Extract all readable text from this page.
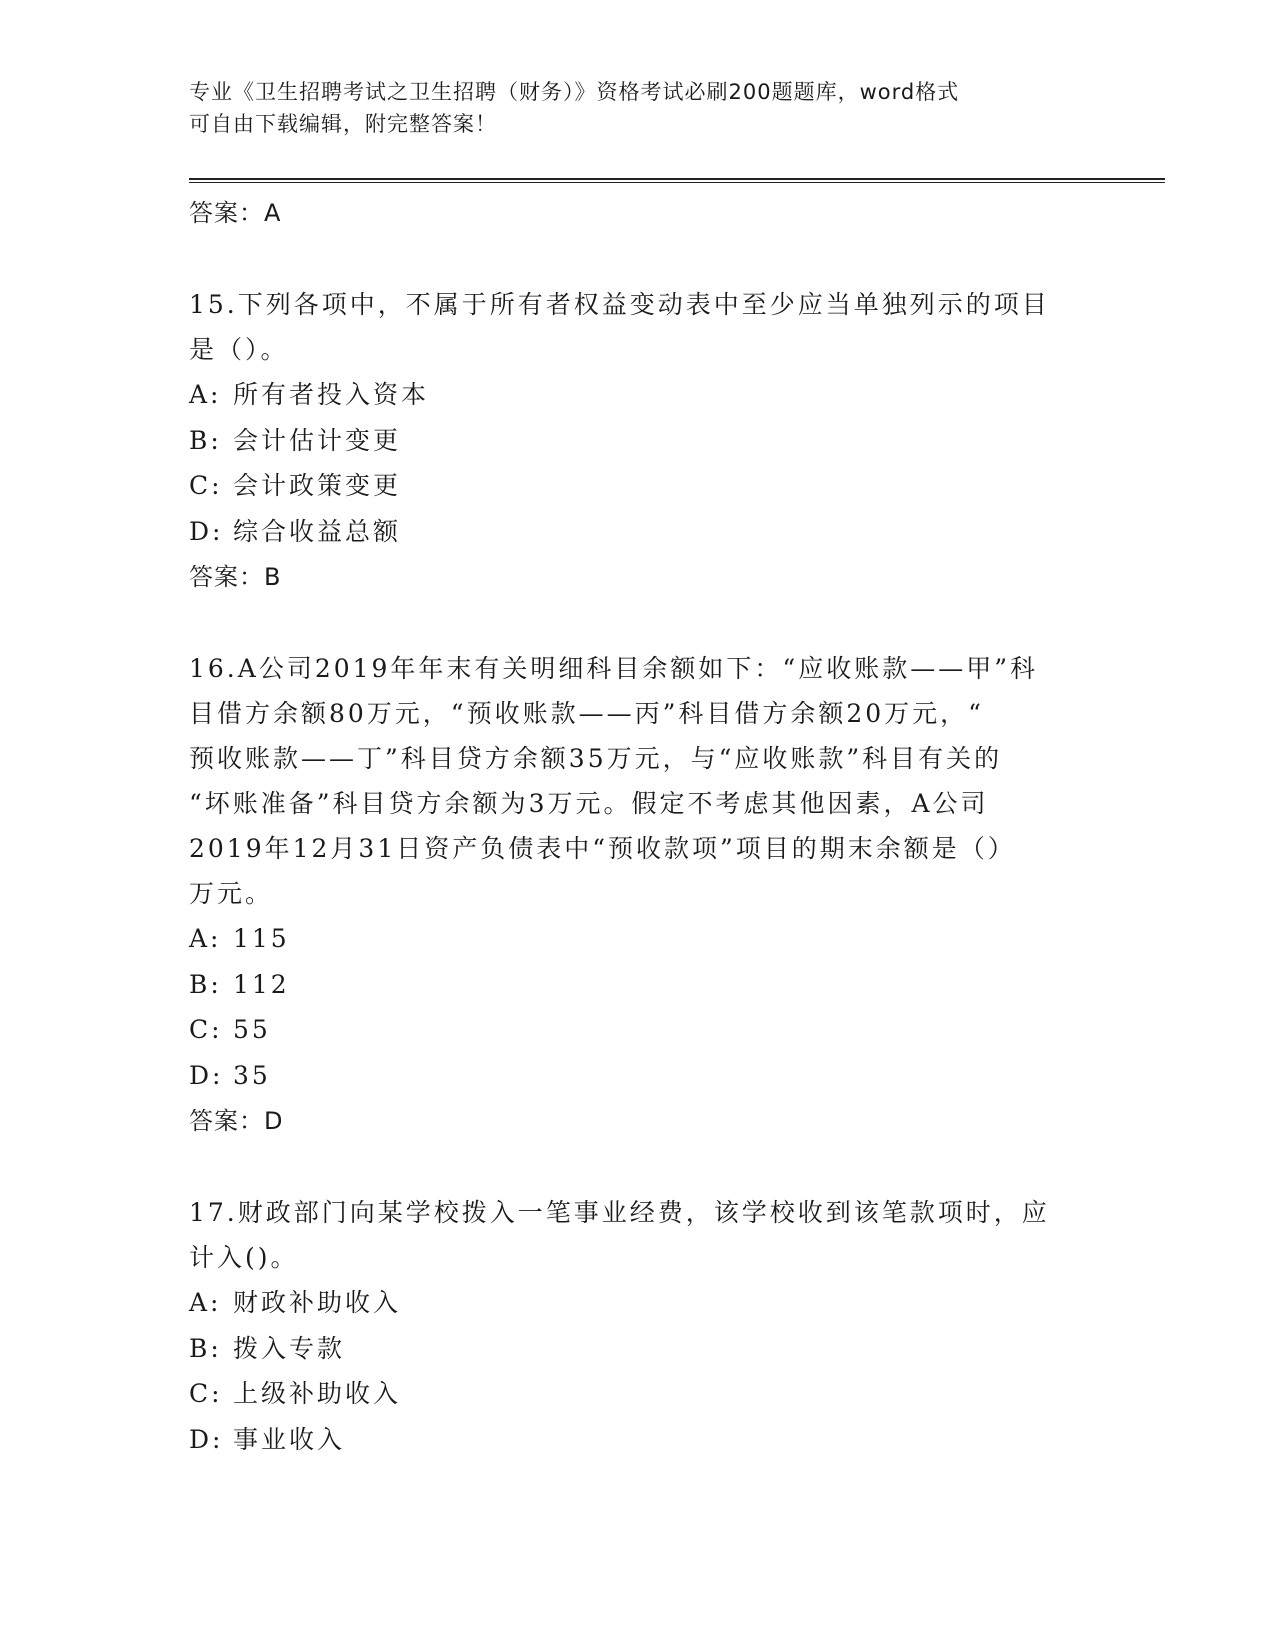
专业《卫生招聘考试之卫生招聘（财务）》资格考试必刷200题题库，word格式
可自由下载编辑，附完整答案！
答案：A
15.下列各项中，不属于所有者权益变动表中至少应当单独列示的项目
是（）。
A: 所有者投入资本
B: 会计估计变更
C: 会计政策变更
D: 综合收益总额
答案：B
16.A公司2019年年末有关明细科目余额如下：“应收账款——甲”科
目借方余额80万元，“预收账款——丙”科目借方余额20万元，“
预收账款——丁”科目贷方余额35万元，与“应收账款”科目有关的
“坏账准备”科目贷方余额为3万元。假定不考虑其他因素，A公司
2019年12月31日资产负债表中“预收款项”项目的期末余额是（）
万元。
A: 115
B: 112
C: 55
D: 35
答案：D
17.财政部门向某学校拨入一笔事业经费，该学校收到该笔款项时，应
计入()。
A: 财政补助收入
B: 拨入专款
C: 上级补助收入
D: 事业收入
